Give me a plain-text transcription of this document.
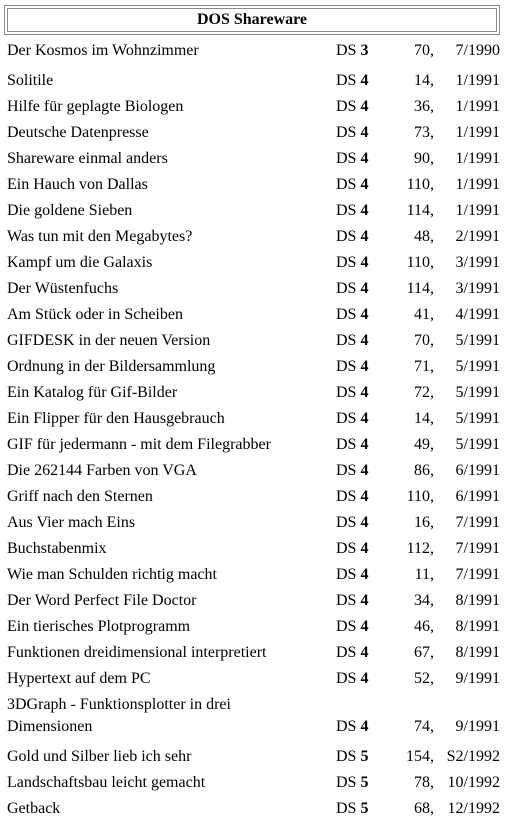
DOS Shareware
Der Kosmos im Wohnzimmer	DS 3	70, 7/1990
Solitile	DS 4	14, 1/1991
Hilfe für geplagte Biologen	DS 4	36, 1/1991
Deutsche Datenpresse	DS 4	73, 1/1991
Shareware einmal anders	DS 4	90, 1/1991
Ein Hauch von Dallas	DS 4 110, 1/1991
Die goldene Sieben	DS 4 114, 1/1991
Was tun mit den Megabytes?	DS 4	48, 2/1991
Kampf um die Galaxis	DS 4 110, 3/1991
Der Wüstenfuchs	DS 4 114, 3/1991
Am Stück oder in Scheiben	DS 4	41, 4/1991
GIFDESK in der neuen Version	DS 4	70, 5/1991
Ordnung in der Bildersammlung	DS 4	71, 5/1991
Ein Katalog für Gif-Bilder	DS 4	72, 5/1991
Ein Flipper für den Hausgebrauch	DS 4	14, 5/1991
GIF für jedermann - mit dem Filegrabber	DS 4	49, 5/1991
Die 262144 Farben von VGA	DS 4	86, 6/1991
Griff nach den Sternen	DS 4 110, 6/1991
Aus Vier mach Eins	DS 4	16, 7/1991
Buchstabenmix	DS 4 112, 7/1991
Wie man Schulden richtig macht	DS 4	11, 7/1991
Der Word Perfect File Doctor	DS 4	34, 8/1991
Ein tierisches Plotprogramm	DS 4	46, 8/1991
Funktionen dreidimensional interpretiert	DS 4	67, 8/1991
Hypertext auf dem PC	DS 4	52, 9/1991
3DGraph - Funktionsplotter in drei Dimensionen	DS 4	74, 9/1991
Gold und Silber lieb ich sehr	DS 5 154, S2/1992
Landschaftsbau leicht gemacht	DS 5	78, 10/1992
Getback	DS 5	68, 12/1992
